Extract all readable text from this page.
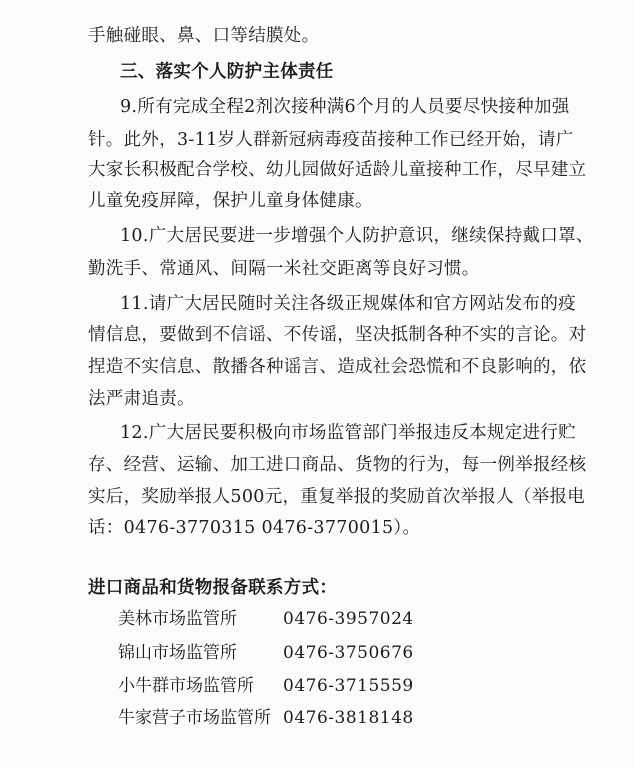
手触碰眼、鼻、口等结膜处。
三、落实个人防护主体责任
9.所有完成全程2剂次接种满6个月的人员要尽快接种加强
针。此外，3-11岁人群新冠病毒疫苗接种工作已经开始，请广
大家长积极配合学校、幼儿园做好适龄儿童接种工作，尽早建立
儿童免疫屏障，保护儿童身体健康。
10.广大居民要进一步增强个人防护意识，继续保持戴口罩、
勤洗手、常通风、间隔一米社交距离等良好习惯。
11.请广大居民随时关注各级正规媒体和官方网站发布的疫
情信息，要做到不信谣、不传谣，坚决抵制各种不实的言论。对
捏造不实信息、散播各种谣言、造成社会恐慌和不良影响的，依
法严肃追责。
12.广大居民要积极向市场监管部门举报违反本规定进行贮
存、经营、运输、加工进口商品、货物的行为，每一例举报经核
实后，奖励举报人500元，重复举报的奖励首次举报人（举报电
话：0476-3770315 0476-3770015）。
进口商品和货物报备联系方式：
美林市场监管所	0476-3957024
锦山市场监管所	0476-3750676
小牛群市场监管所 0476-3715559
牛家营子市场监管所 0476-3818148
